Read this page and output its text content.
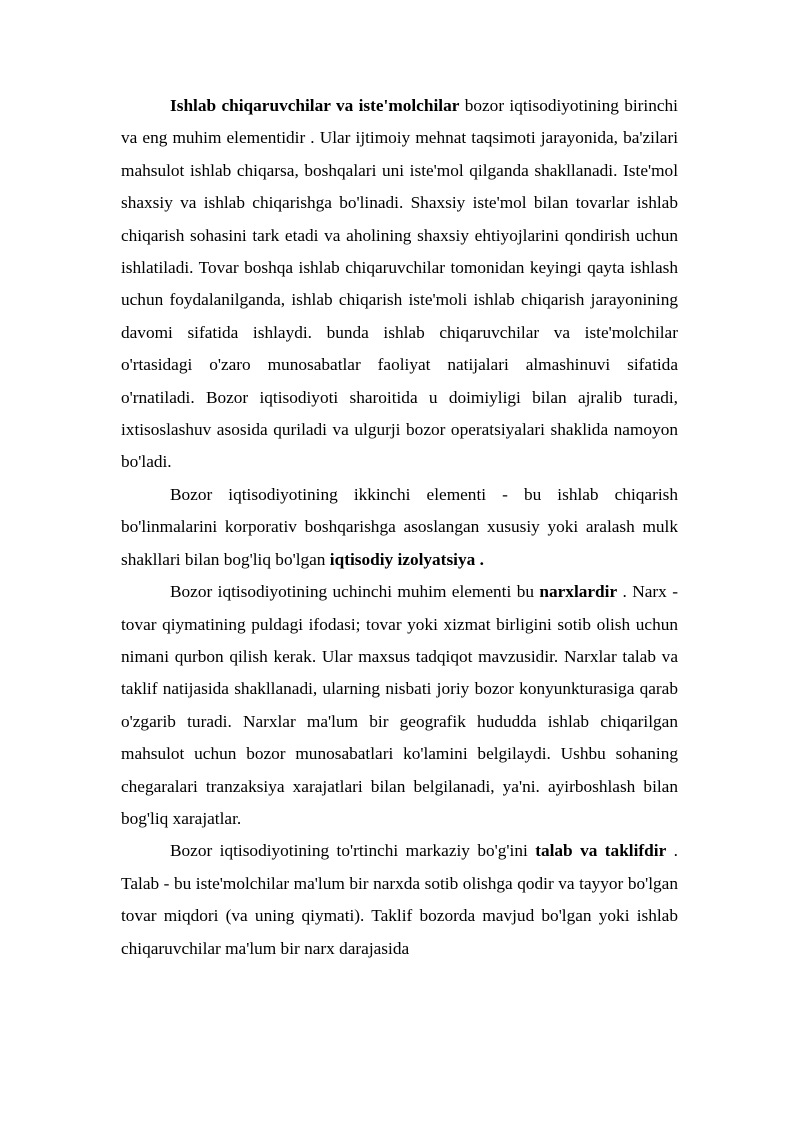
Ishlab chiqaruvchilar va iste'molchilar bozor iqtisodiyotining birinchi va eng muhim elementidir . Ular ijtimoiy mehnat taqsimoti jarayonida, ba'zilari mahsulot ishlab chiqarsa, boshqalari uni iste'mol qilganda shakllanadi. Iste'mol shaxsiy va ishlab chiqarishga bo'linadi. Shaxsiy iste'mol bilan tovarlar ishlab chiqarish sohasini tark etadi va aholining shaxsiy ehtiyojlarini qondirish uchun ishlatiladi. Tovar boshqa ishlab chiqaruvchilar tomonidan keyingi qayta ishlash uchun foydalanilganda, ishlab chiqarish iste'moli ishlab chiqarish jarayonining davomi sifatida ishlaydi. bunda ishlab chiqaruvchilar va iste'molchilar o'rtasidagi o'zaro munosabatlar faoliyat natijalari almashinuvi sifatida o'rnatiladi. Bozor iqtisodiyoti sharoitida u doimiyligi bilan ajralib turadi, ixtisoslashuv asosida quriladi va ulgurji bozor operatsiyalari shaklida namoyon bo'ladi.

Bozor iqtisodiyotining ikkinchi elementi - bu ishlab chiqarish bo'linmalarini korporativ boshqarishga asoslangan xususiy yoki aralash mulk shakllari bilan bog'liq bo'lgan iqtisodiy izolyatsiya .

Bozor iqtisodiyotining uchinchi muhim elementi bu narxlardir . Narx - tovar qiymatining puldagi ifodasi; tovar yoki xizmat birligini sotib olish uchun nimani qurbon qilish kerak. Ular maxsus tadqiqot mavzusidir. Narxlar talab va taklif natijasida shakllanadi, ularning nisbati joriy bozor konyunkturasiga qarab o'zgarib turadi. Narxlar ma'lum bir geografik hududda ishlab chiqarilgan mahsulot uchun bozor munosabatlari ko'lamini belgilaydi. Ushbu sohaning chegaralari tranzaksiya xarajatlari bilan belgilanadi, ya'ni. ayirboshlash bilan bog'liq xarajatlar.

Bozor iqtisodiyotining to'rtinchi markaziy bo'g'ini talab va taklifdir . Talab - bu iste'molchilar ma'lum bir narxda sotib olishga qodir va tayyor bo'lgan tovar miqdori (va uning qiymati). Taklif bozorda mavjud bo'lgan yoki ishlab chiqaruvchilar ma'lum bir narx darajasida
